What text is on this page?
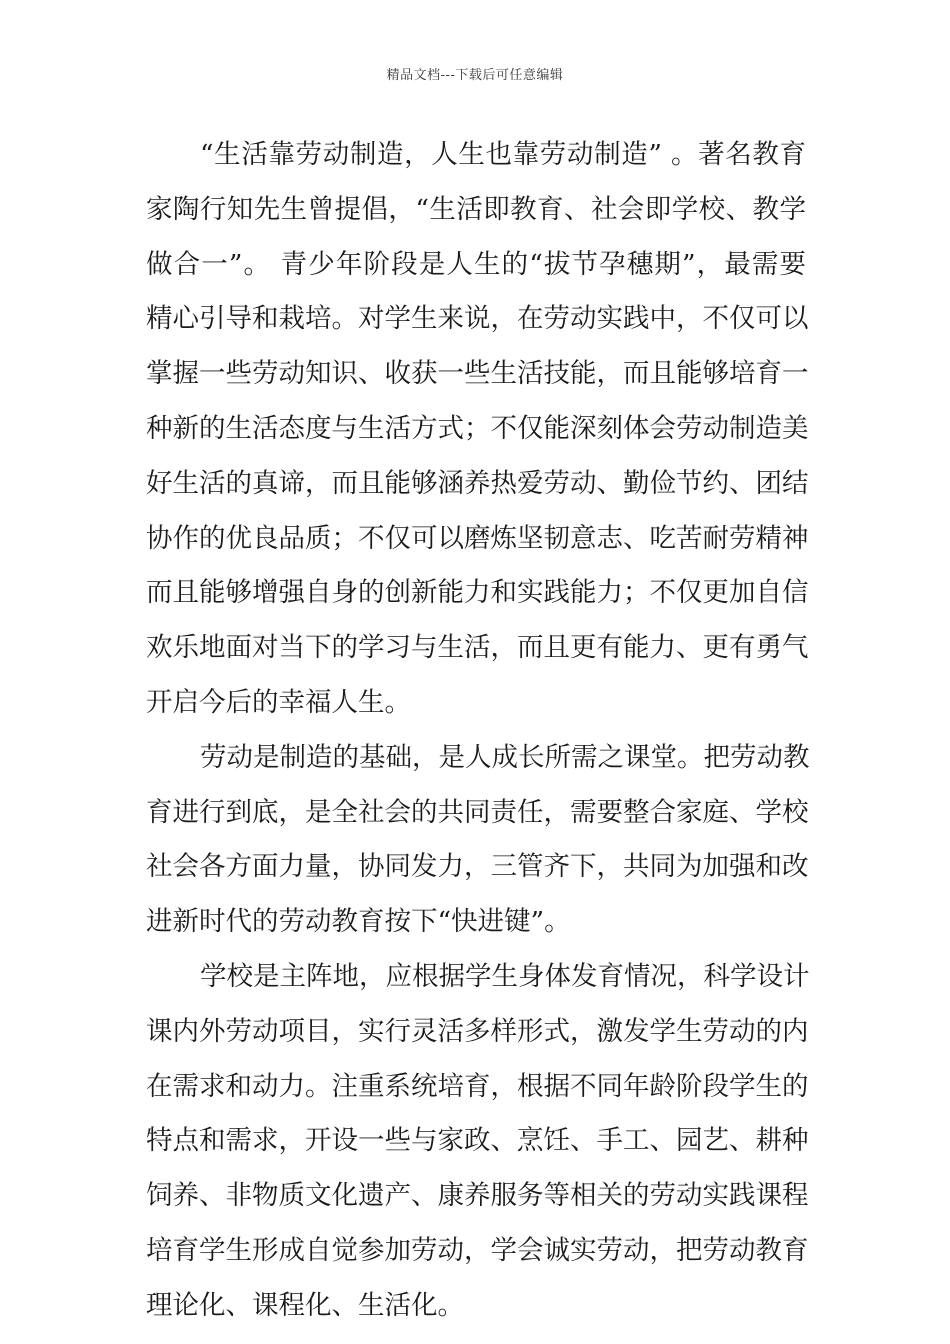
精品文档---下载后可任意编辑
“生活靠劳动制造，人生也靠劳动制造” 。著名教育
家陶行知先生曾提倡，“生活即教育、社会即学校、教学
做合一”。 青少年阶段是人生的“拔节孕穗期”，最需要
精心引导和栽培。对学生来说，在劳动实践中，不仅可以
掌握一些劳动知识、收获一些生活技能，而且能够培育一
种新的生活态度与生活方式；不仅能深刻体会劳动制造美
好生活的真谛，而且能够涵养热爱劳动、勤俭节约、团结
协作的优良品质；不仅可以磨炼坚韧意志、吃苦耐劳精神
而且能够增强自身的创新能力和实践能力；不仅更加自信
欢乐地面对当下的学习与生活，而且更有能力、更有勇气
开启今后的幸福人生。
劳动是制造的基础，是人成长所需之课堂。把劳动教
育进行到底，是全社会的共同责任，需要整合家庭、学校
社会各方面力量，协同发力，三管齐下，共同为加强和改
进新时代的劳动教育按下“快进键”。
学校是主阵地，应根据学生身体发育情况，科学设计
课内外劳动项目，实行灵活多样形式，激发学生劳动的内
在需求和动力。注重系统培育，根据不同年龄阶段学生的
特点和需求，开设一些与家政、烹饪、手工、园艺、耕种
饲养、非物质文化遗产、康养服务等相关的劳动实践课程
培育学生形成自觉参加劳动，学会诚实劳动，把劳动教育
理论化、课程化、生活化。
